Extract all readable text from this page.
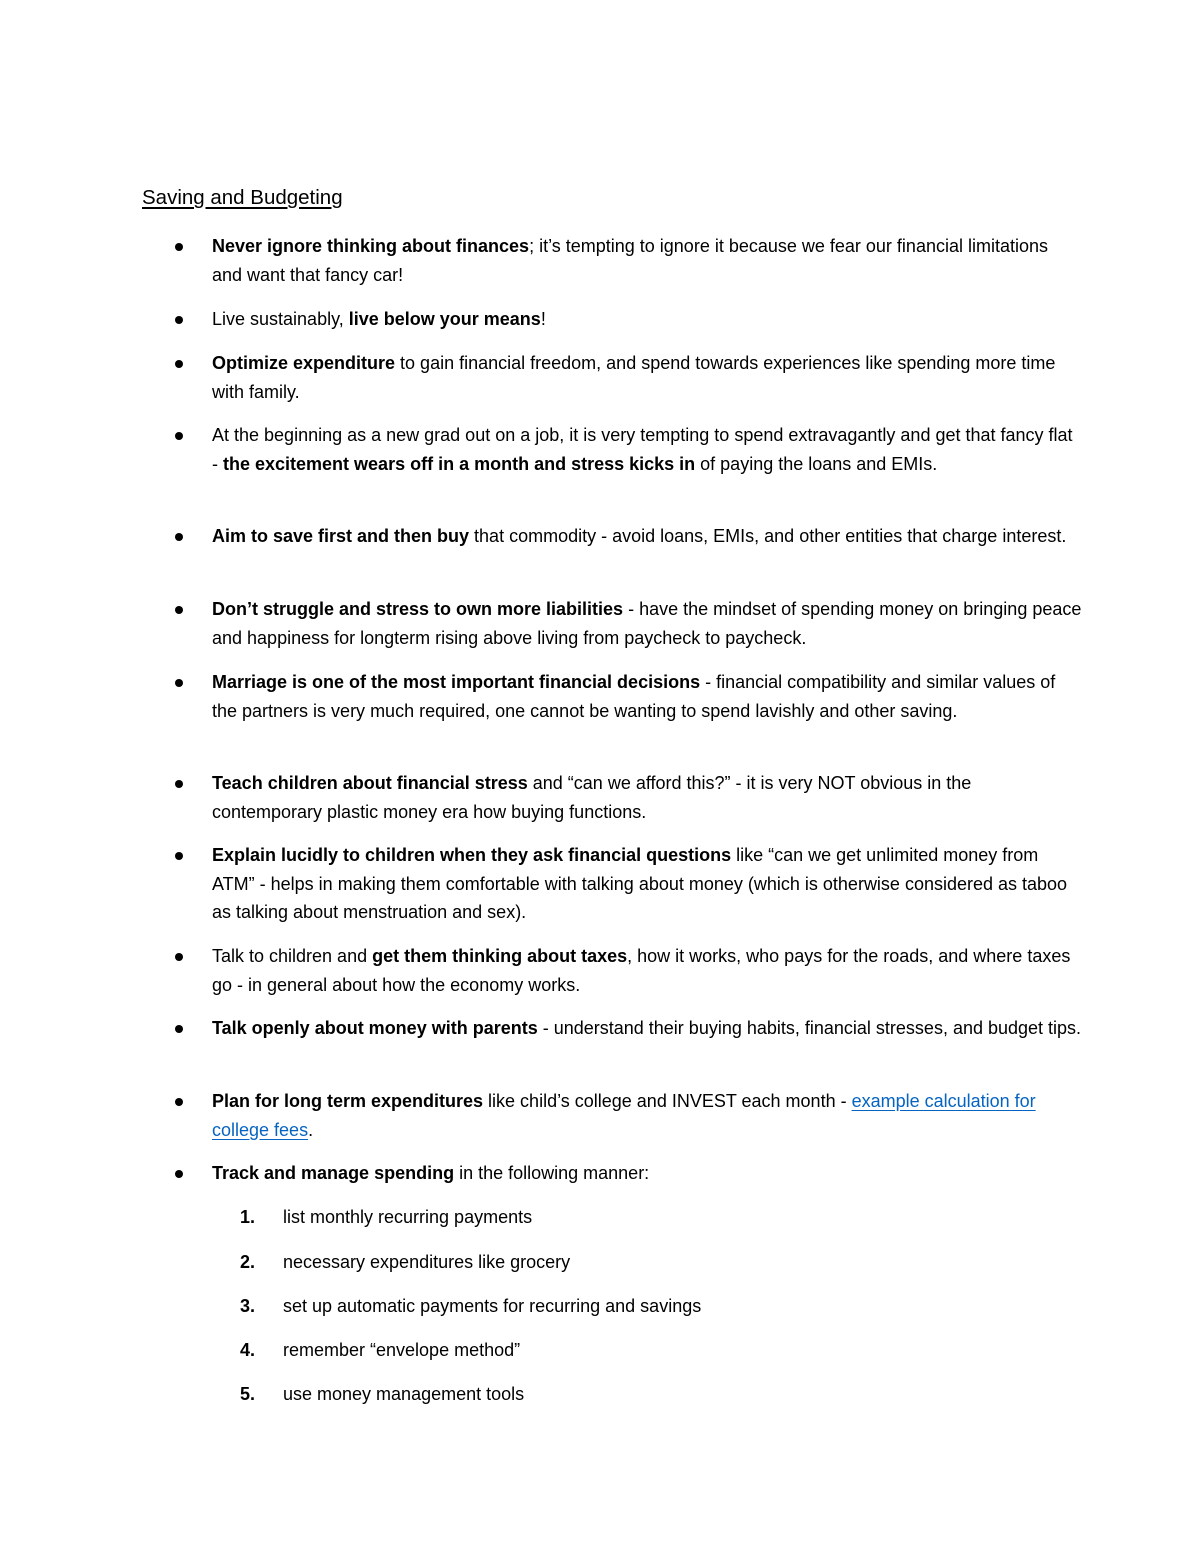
Saving and Budgeting
Never ignore thinking about finances; it’s tempting to ignore it because we fear our financial limitations and want that fancy car!
Live sustainably, live below your means!
Optimize expenditure to gain financial freedom, and spend towards experiences like spending more time with family.
At the beginning as a new grad out on a job, it is very tempting to spend extravagantly and get that fancy flat - the excitement wears off in a month and stress kicks in of paying the loans and EMIs.
Aim to save first and then buy that commodity - avoid loans, EMIs, and other entities that charge interest.
Don’t struggle and stress to own more liabilities - have the mindset of spending money on bringing peace and happiness for longterm rising above living from paycheck to paycheck.
Marriage is one of the most important financial decisions - financial compatibility and similar values of the partners is very much required, one cannot be wanting to spend lavishly and other saving.
Teach children about financial stress and “can we afford this?” - it is very NOT obvious in the contemporary plastic money era how buying functions.
Explain lucidly to children when they ask financial questions like “can we get unlimited money from ATM” - helps in making them comfortable with talking about money (which is otherwise considered as taboo as talking about menstruation and sex).
Talk to children and get them thinking about taxes, how it works, who pays for the roads, and where taxes go - in general about how the economy works.
Talk openly about money with parents - understand their buying habits, financial stresses, and budget tips.
Plan for long term expenditures like child’s college and INVEST each month - example calculation for college fees.
Track and manage spending in the following manner:
1.	list monthly recurring payments
2.	necessary expenditures like grocery
3.	set up automatic payments for recurring and savings
4.	remember “envelope method”
5.	use money management tools
